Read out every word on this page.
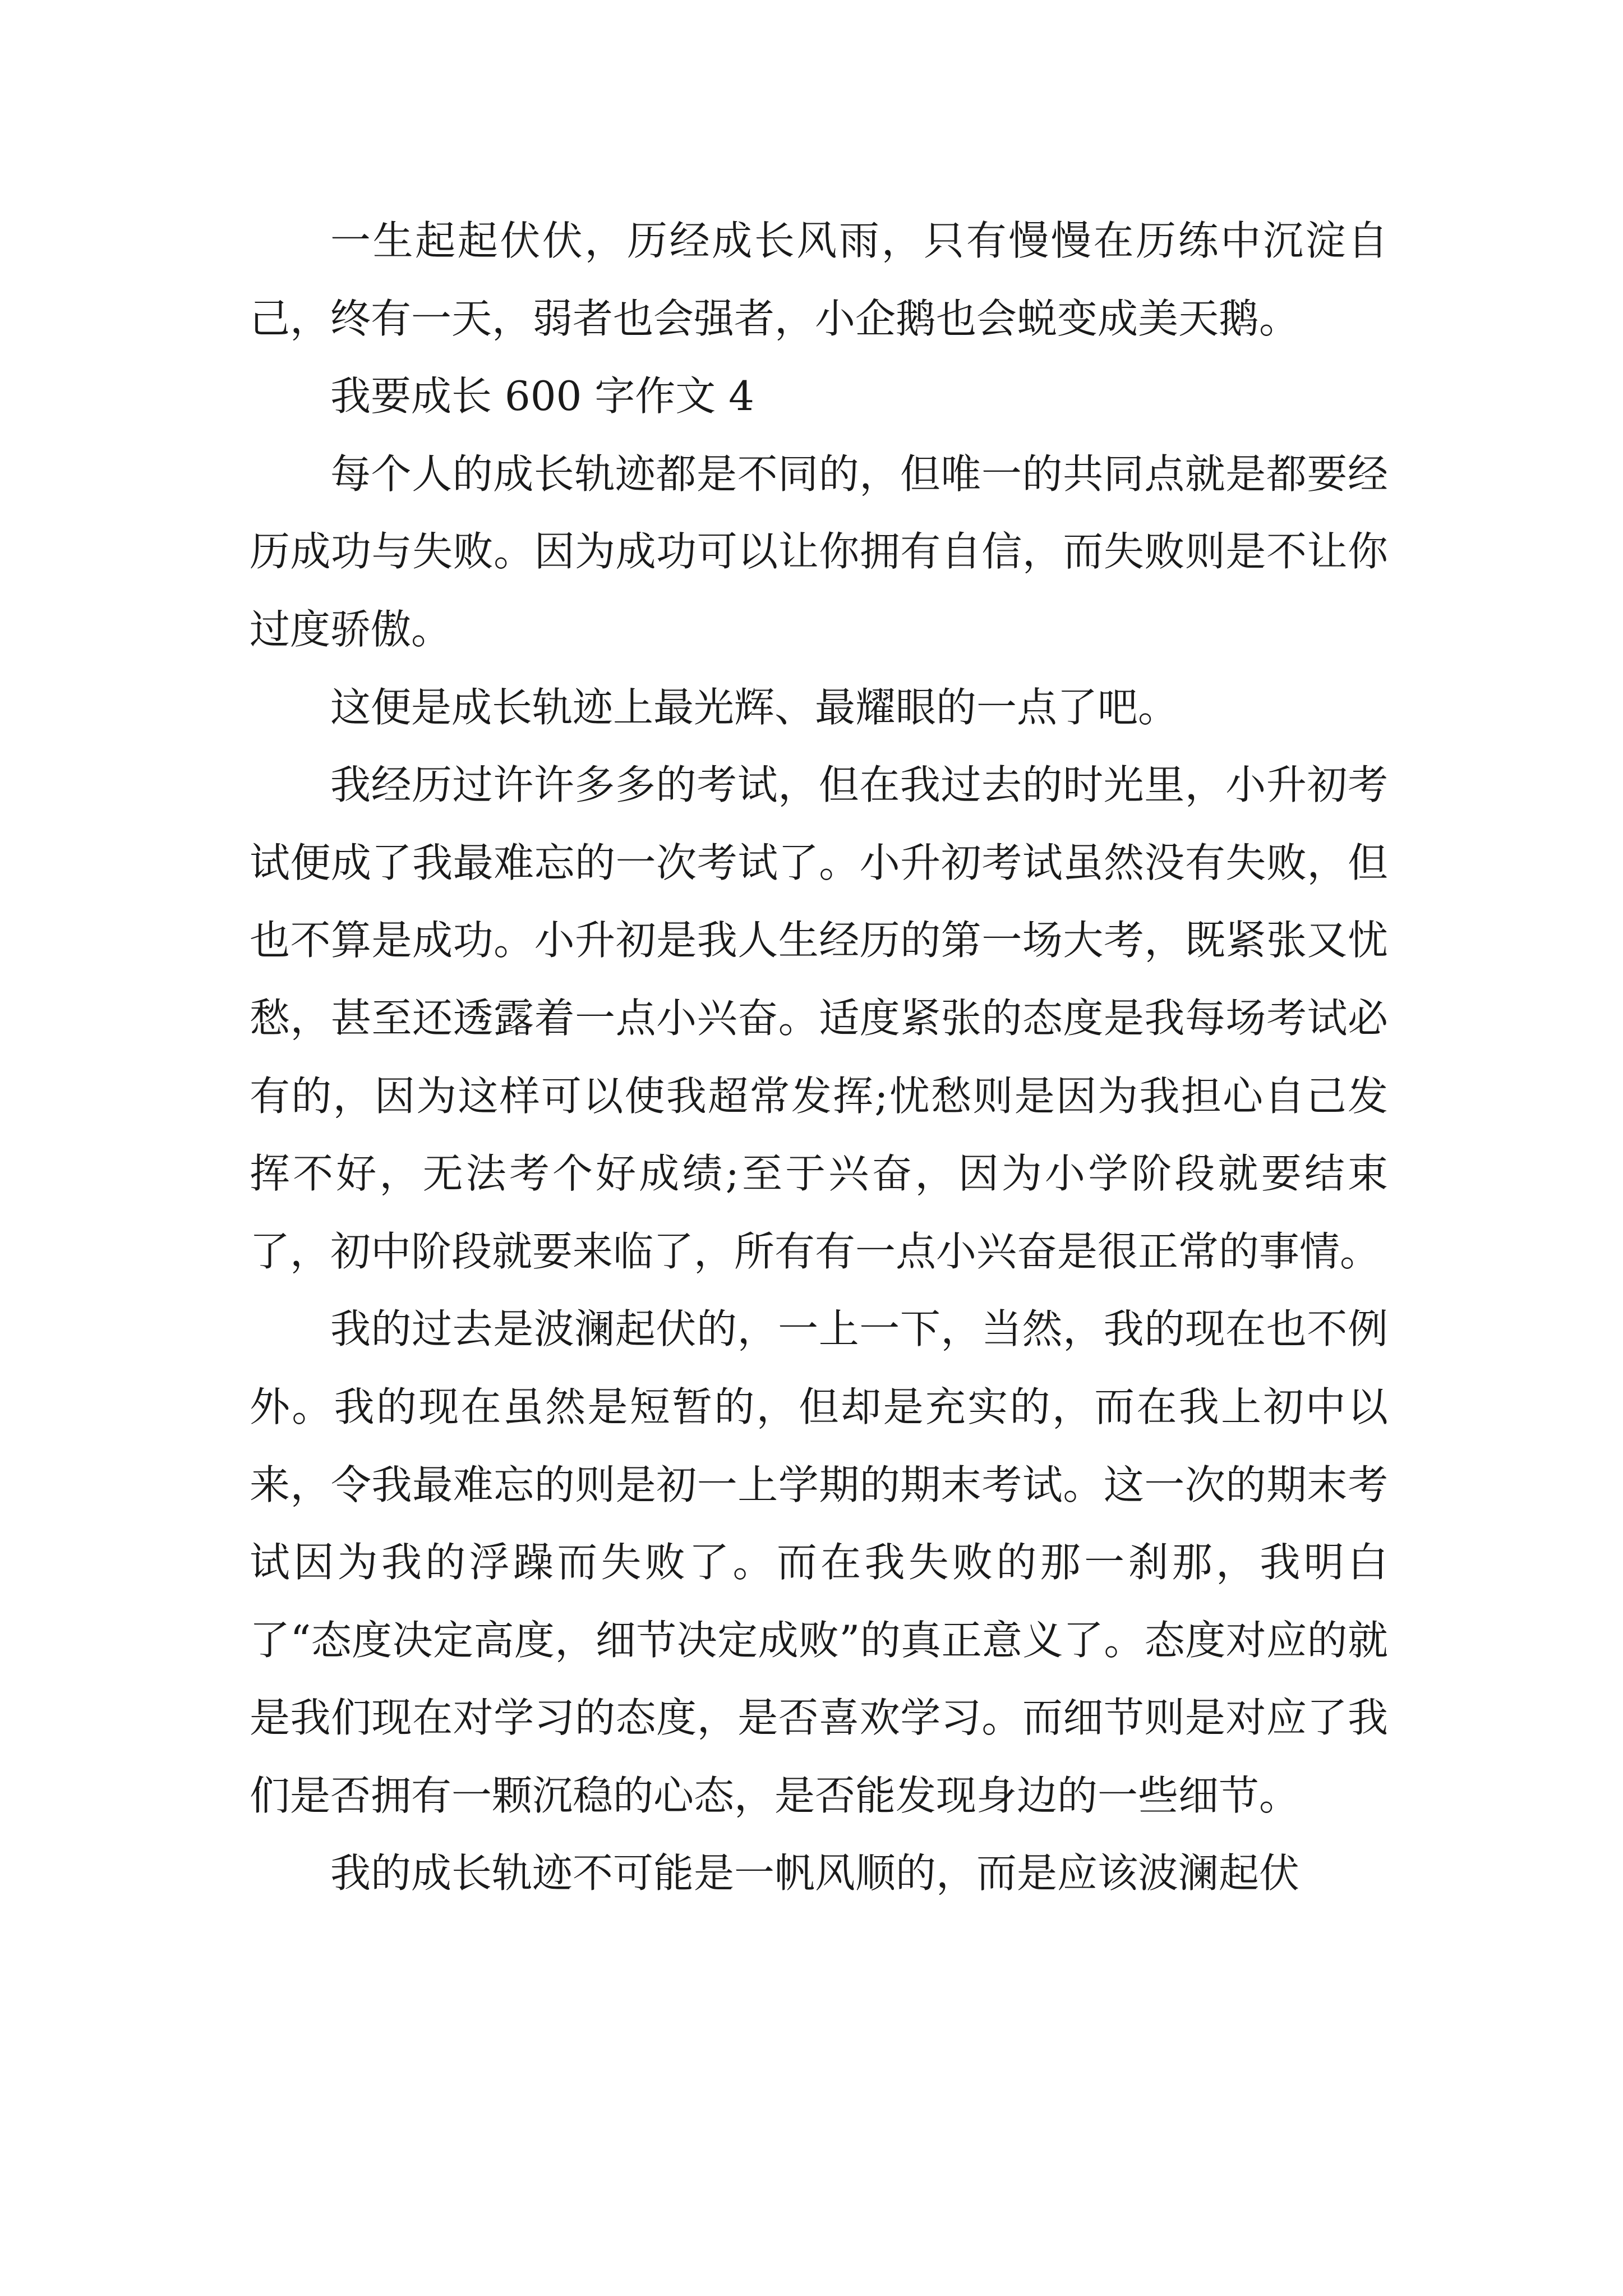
一生起起伏伏，历经成长风雨，只有慢慢在历练中沉淀自己，终有一天，弱者也会强者，小企鹅也会蜕变成美天鹅。

我要成长 600 字作文 4

每个人的成长轨迹都是不同的，但唯一的共同点就是都要经历成功与失败。因为成功可以让你拥有自信，而失败则是不让你过度骄傲。

这便是成长轨迹上最光辉、最耀眼的一点了吧。

我经历过许许多多的考试，但在我过去的时光里，小升初考试便成了我最难忘的一次考试了。小升初考试虽然没有失败，但也不算是成功。小升初是我人生经历的第一场大考，既紧张又忧愁，甚至还透露着一点小兴奋。适度紧张的态度是我每场考试必有的，因为这样可以使我超常发挥;忧愁则是因为我担心自己发挥不好，无法考个好成绩;至于兴奋，因为小学阶段就要结束了，初中阶段就要来临了，所有有一点小兴奋是很正常的事情。

我的过去是波澜起伏的，一上一下，当然，我的现在也不例外。我的现在虽然是短暂的，但却是充实的，而在我上初中以来，令我最难忘的则是初一上学期的期末考试。这一次的期末考试因为我的浮躁而失败了。而在我失败的那一刹那，我明白了“态度决定高度，细节决定成败”的真正意义了。态度对应的就是我们现在对学习的态度，是否喜欢学习。而细节则是对应了我们是否拥有一颗沉稳的心态，是否能发现身边的一些细节。

我的成长轨迹不可能是一帆风顺的，而是应该波澜起伏
